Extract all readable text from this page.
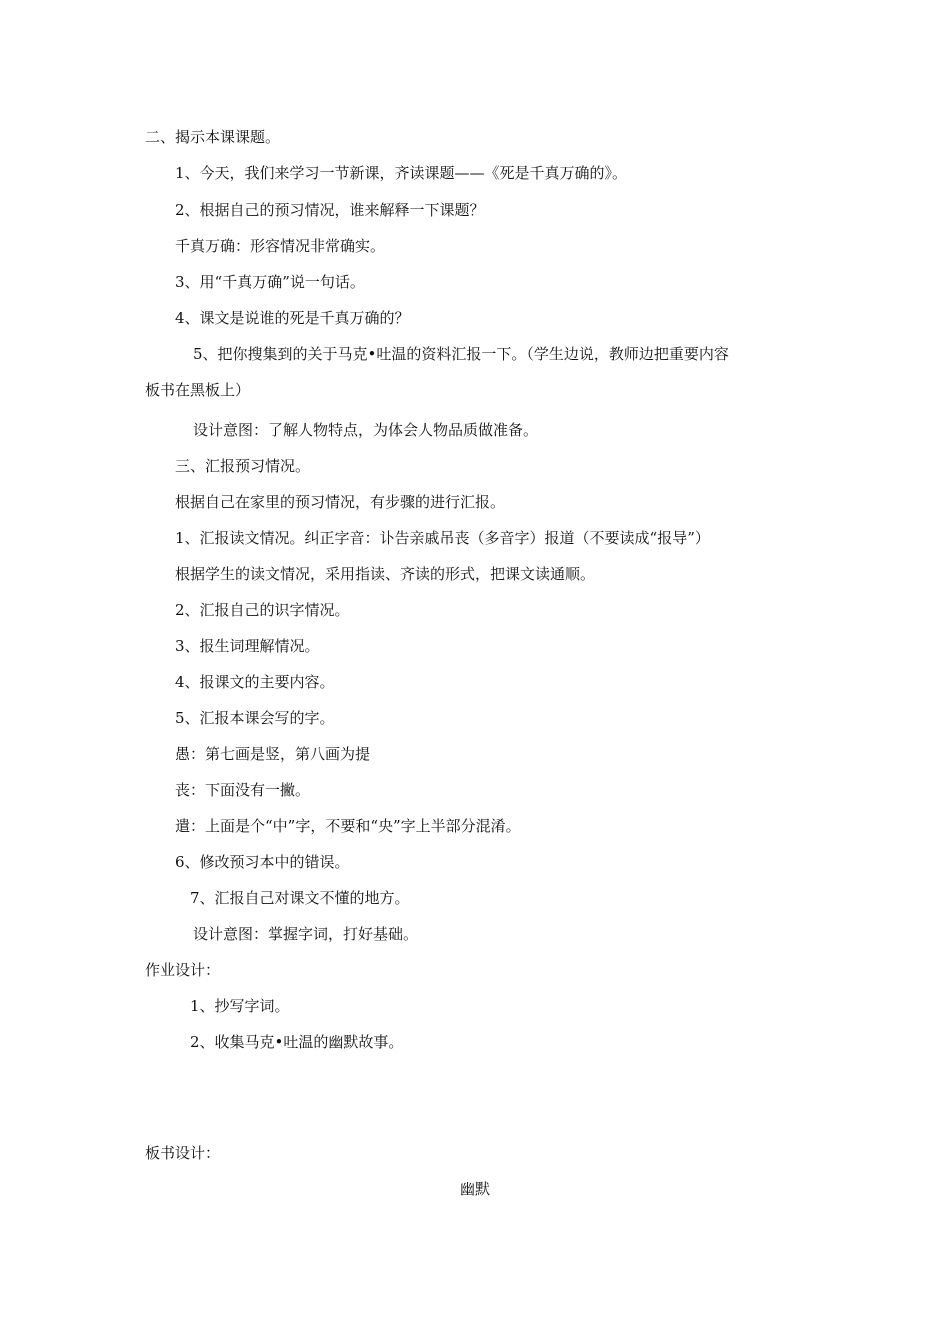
二、揭示本课课题。
1、今天，我们来学习一节新课，齐读课题——《死是千真万确的》。
2、根据自己的预习情况，谁来解释一下课题？
千真万确：形容情况非常确实。
3、用“千真万确”说一句话。
4、课文是说谁的死是千真万确的？
5、把你搜集到的关于马克•吐温的资料汇报一下。（学生边说，教师边把重要内容
板书在黑板上）
设计意图：了解人物特点，为体会人物品质做准备。
三、汇报预习情况。
根据自己在家里的预习情况，有步骤的进行汇报。
1、汇报读文情况。纠正字音：讣告亲戚吊丧（多音字）报道（不要读成“报导”）
根据学生的读文情况，采用指读、齐读的形式，把课文读通顺。
2、汇报自己的识字情况。
3、报生词理解情况。
4、报课文的主要内容。
5、汇报本课会写的字。
愚：第七画是竖，第八画为提
丧：下面没有一撇。
遣：上面是个“中”字，不要和“央”字上半部分混淆。
6、修改预习本中的错误。
7、汇报自己对课文不懂的地方。
设计意图：掌握字词，打好基础。
作业设计：
1、抄写字词。
2、收集马克•吐温的幽默故事。
板书设计：
幽默
